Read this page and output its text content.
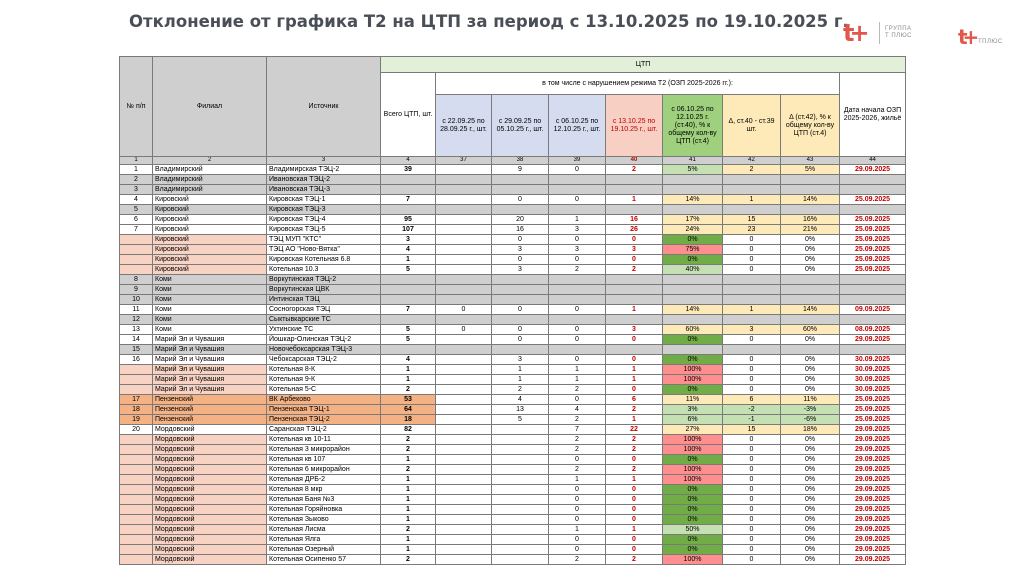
Отклонение от графика Т2 на ЦТП за период с 13.10.2025 по 19.10.2025 г.
t+	ГРУППА
Т ПЛЮС t+ ТПЛЮС
№ п/п	Филиал	Источник	ЦТП								
			Всего ЦТП, шт.	в том числе с нарушением режима Т2 (ОЗП 2025-2026 гг.):							Дата начала ОЗП 2025-2026, жильё
				с 22.09.25 по 28.09.25 г., шт.	с 29.09.25 по 05.10.25 г., шт.	с 06.10.25 по 12.10.25 г., шт.	с 13.10.25 по 19.10.25 г., шт.	с 06.10.25 по 12.10.25 г. (ст.40), % к общему кол-ву ЦТП (ст.4)	Δ, ст.40 - ст.39 шт.	Δ (ст.42), % к общему кол-ву ЦТП (ст.4)	
1	2	3	4	37	38	39	40	41	42	43	44
1	Владимирский	Владимирская ТЭЦ-2	39		9	0	2	5%	2	5%	29.09.2025
2	Владимирский	Ивановская ТЭЦ-2									
3	Владимирский	Ивановская ТЭЦ-3									
4	Кировский	Кировская ТЭЦ-1	7		0	0	1	14%	1	14%	25.09.2025
5	Кировский	Кировская ТЭЦ-3									
6	Кировский	Кировская ТЭЦ-4	95		20	1	16	17%	15	16%	25.09.2025
7	Кировский	Кировская ТЭЦ-5	107		16	3	26	24%	23	21%	25.09.2025
	Кировский	ТЭЦ МУП "КТС"	3		0	0	0	0%	0	0%	25.09.2025
	Кировский	ТЭЦ АО "Ново-Вятка"	4		3	3	3	75%	0	0%	25.09.2025
	Кировский	Кировская Котельная 6.8	1		0	0	0	0%	0	0%	25.09.2025
	Кировский	Котельная 10.3	5		3	2	2	40%	0	0%	25.09.2025
8	Коми	Воркутинская ТЭЦ-2									
9	Коми	Воркутинская ЦВК									
10	Коми	Интинская ТЭЦ									
11	Коми	Сосногорская ТЭЦ	7	0	0	0	1	14%	1	14%	09.09.2025
12	Коми	Сыктывкарские ТС									
13	Коми	Ухтинские ТС	5	0	0	0	3	60%	3	60%	08.09.2025
14	Марий Эл и Чувашия	Йошкар-Олинская ТЭЦ-2	5		0	0	0	0%	0	0%	29.09.2025
15	Марий Эл и Чувашия	Новочебоксарская ТЭЦ-3									
16	Марий Эл и Чувашия	Чебоксарская ТЭЦ-2	4		3	0	0	0%	0	0%	30.09.2025
	Марий Эл и Чувашия	Котельная 8-К	1		1	1	1	100%	0	0%	30.09.2025
	Марий Эл и Чувашия	Котельная 9-К	1		1	1	1	100%	0	0%	30.09.2025
	Марий Эл и Чувашия	Котельная 5-С	2		2	2	0	0%	0	0%	30.09.2025
17	Пензенский	ВК Арбеково	53		4	0	6	11%	6	11%	25.09.2025
18	Пензенский	Пензенская ТЭЦ-1	64		13	4	2	3%	-2	-3%	25.09.2025
19	Пензенский	Пензенская ТЭЦ-2	18		5	2	1	6%	-1	-6%	25.09.2025
20	Мордовский	Саранская ТЭЦ-2	82			7	22	27%	15	18%	29.09.2025
	Мордовский	Котельная кв 10-11	2			2	2	100%	0	0%	29.09.2025
	Мордовский	Котельная 3 микрорайон	2			2	2	100%	0	0%	29.09.2025
	Мордовский	Котельная кв 107	1			0	0	0%	0	0%	29.09.2025
	Мордовский	Котельная 6 микрорайон	2			2	2	100%	0	0%	29.09.2025
	Мордовский	Котельная ДРБ-2	1			1	1	100%	0	0%	29.09.2025
	Мордовский	Котельная 8 мкр	1			0	0	0%	0	0%	29.09.2025
	Мордовский	Котельная Баня №3	1			0	0	0%	0	0%	29.09.2025
	Мордовский	Котельная Горяйновка	1			0	0	0%	0	0%	29.09.2025
	Мордовский	Котельная Зыково	1			0	0	0%	0	0%	29.09.2025
	Мордовский	Котельная Лисма	2			1	1	50%	0	0%	29.09.2025
	Мордовский	Котельная Ялга	1			0	0	0%	0	0%	29.09.2025
	Мордовский	Котельная Озерный	1			0	0	0%	0	0%	29.09.2025
	Мордовский	Котельная Осипенко 57	2			2	2	100%	0	0%	29.09.2025
